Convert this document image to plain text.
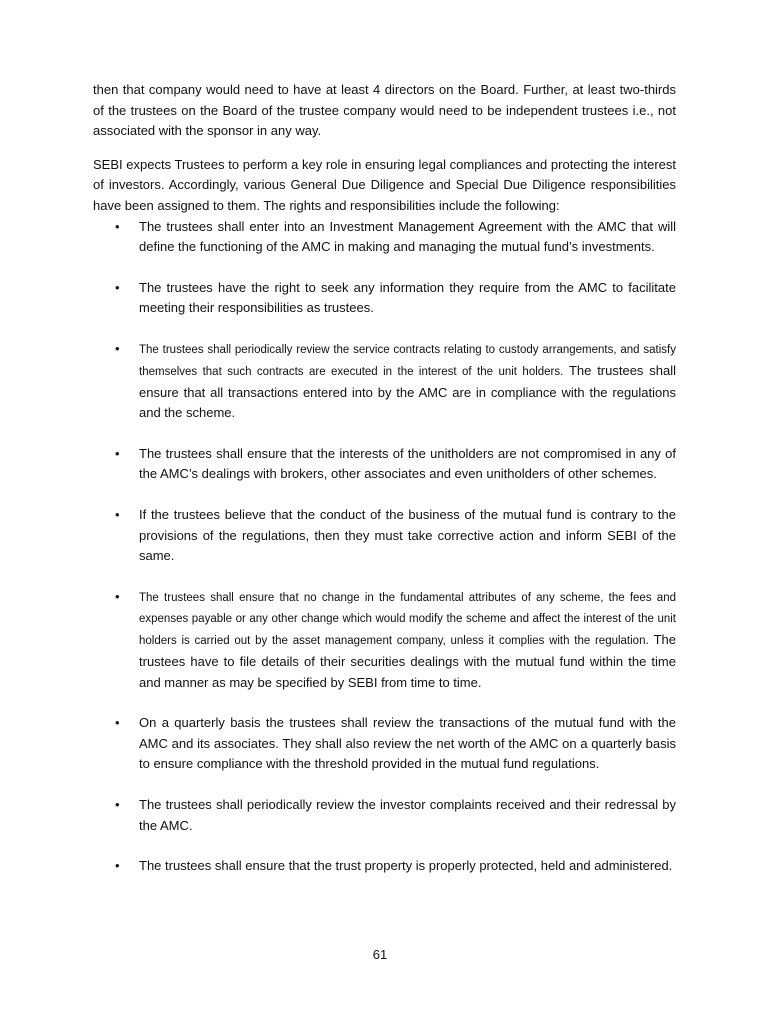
then that company would need to have at least 4 directors on the Board. Further, at least two-thirds of the trustees on the Board of the trustee company would need to be independent trustees i.e., not associated with the sponsor in any way.

SEBI expects Trustees to perform a key role in ensuring legal compliances and protecting the interest of investors. Accordingly, various General Due Diligence and Special Due Diligence responsibilities have been assigned to them. The rights and responsibilities include the following:

• The trustees shall enter into an Investment Management Agreement with the AMC that will define the functioning of the AMC in making and managing the mutual fund’s investments.
• The trustees have the right to seek any information they require from the AMC to facilitate meeting their responsibilities as trustees.
• The trustees shall periodically review the service contracts relating to custody arrangements, and satisfy themselves that such contracts are executed in the interest of the unit holders. The trustees shall ensure that all transactions entered into by the AMC are in compliance with the regulations and the scheme.
• The trustees shall ensure that the interests of the unitholders are not compromised in any of the AMC’s dealings with brokers, other associates and even unitholders of other schemes.
• If the trustees believe that the conduct of the business of the mutual fund is contrary to the provisions of the regulations, then they must take corrective action and inform SEBI of the same.
• The trustees shall ensure that no change in the fundamental attributes of any scheme, the fees and expenses payable or any other change which would modify the scheme and affect the interest of the unit holders is carried out by the asset management company, unless it complies with the regulation. The trustees have to file details of their securities dealings with the mutual fund within the time and manner as may be specified by SEBI from time to time.
• On a quarterly basis the trustees shall review the transactions of the mutual fund with the AMC and its associates. They shall also review the net worth of the AMC on a quarterly basis to ensure compliance with the threshold provided in the mutual fund regulations.
• The trustees shall periodically review the investor complaints received and their redressal by the AMC.
• The trustees shall ensure that the trust property is properly protected, held and administered.
61
